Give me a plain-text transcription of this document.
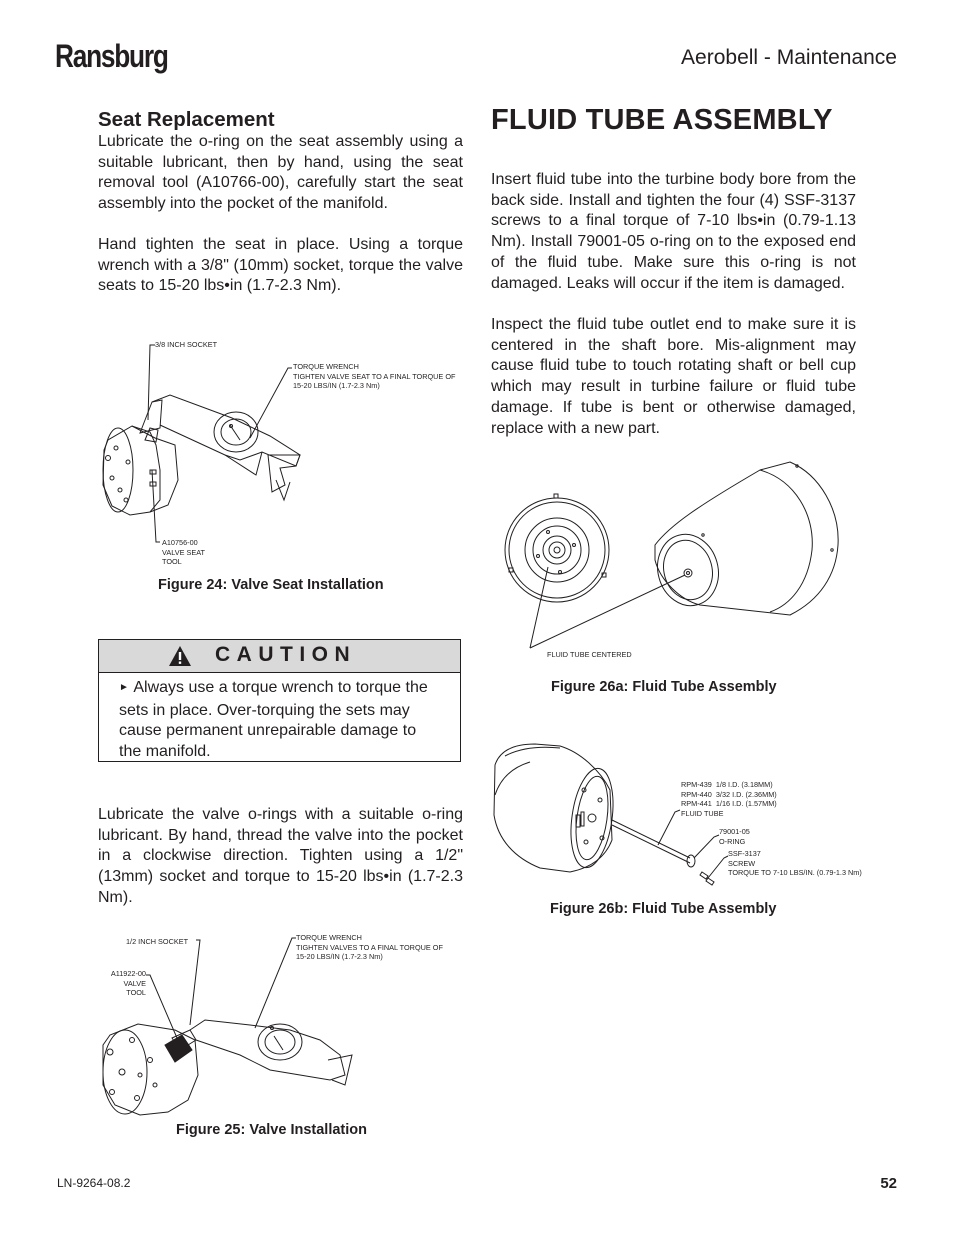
Ransburg	Aerobell - Maintenance
Seat Replacement

Lubricate the o-ring on the seat assembly using a suitable lubricant, then by hand, using the seat removal tool (A10766-00), carefully start the seat assembly into the pocket of the manifold.

Hand tighten the seat in place. Using a torque wrench with a 3/8" (10mm) socket, torque the valve seats to 15-20 lbs•in (1.7-2.3 Nm).

3/8 INCH SOCKET
TORQUE WRENCH
TIGHTEN VALVE SEAT TO A FINAL TORQUE OF
15-20 LBS/IN (1.7-2.3 Nm)
A10756-00
VALVE SEAT
TOOL
Figure 24: Valve Seat Installation
CAUTION
► Always use a torque wrench to torque the sets in place. Over-torquing the sets may cause permanent unrepairable damage to the manifold.

Lubricate the valve o-rings with a suitable o-ring lubricant. By hand, thread the valve into the pocket in a clockwise direction. Tighten using a 1/2" (13mm) socket and torque to 15-20 lbs•in (1.7-2.3 Nm).

1/2 INCH SOCKET
A11922-00
VALVE
TOOL
TORQUE WRENCH
TIGHTEN VALVES TO A FINAL TORQUE OF
15-20 LBS/IN (1.7-2.3 Nm)
Figure 25: Valve Installation
FLUID TUBE ASSEMBLY

Insert fluid tube into the turbine body bore from the back side. Install and tighten the four (4) SSF-3137 screws to a final torque of 7-10 lbs•in (0.79-1.13 Nm). Install 79001-05 o-ring on to the exposed end of the fluid tube. Make sure this o-ring is not damaged. Leaks will occur if the item is damaged.

Inspect the fluid tube outlet end to make sure it is centered in the shaft bore. Mis-alignment may cause fluid tube to touch rotating shaft or bell cup which may result in turbine failure or fluid tube damage. If tube is bent or otherwise damaged, replace with a new part.

FLUID TUBE CENTERED
Figure 26a: Fluid Tube Assembly
RPM-439  1/8 I.D. (3.18MM)
RPM-440  3/32 I.D. (2.36MM)
RPM-441  1/16 I.D. (1.57MM)
FLUID TUBE
79001-05
O-RING
SSF-3137
SCREW
TORQUE TO 7-10 LBS/IN. (0.79-1.3 Nm)
Figure 26b: Fluid Tube Assembly
LN-9264-08.2	52
